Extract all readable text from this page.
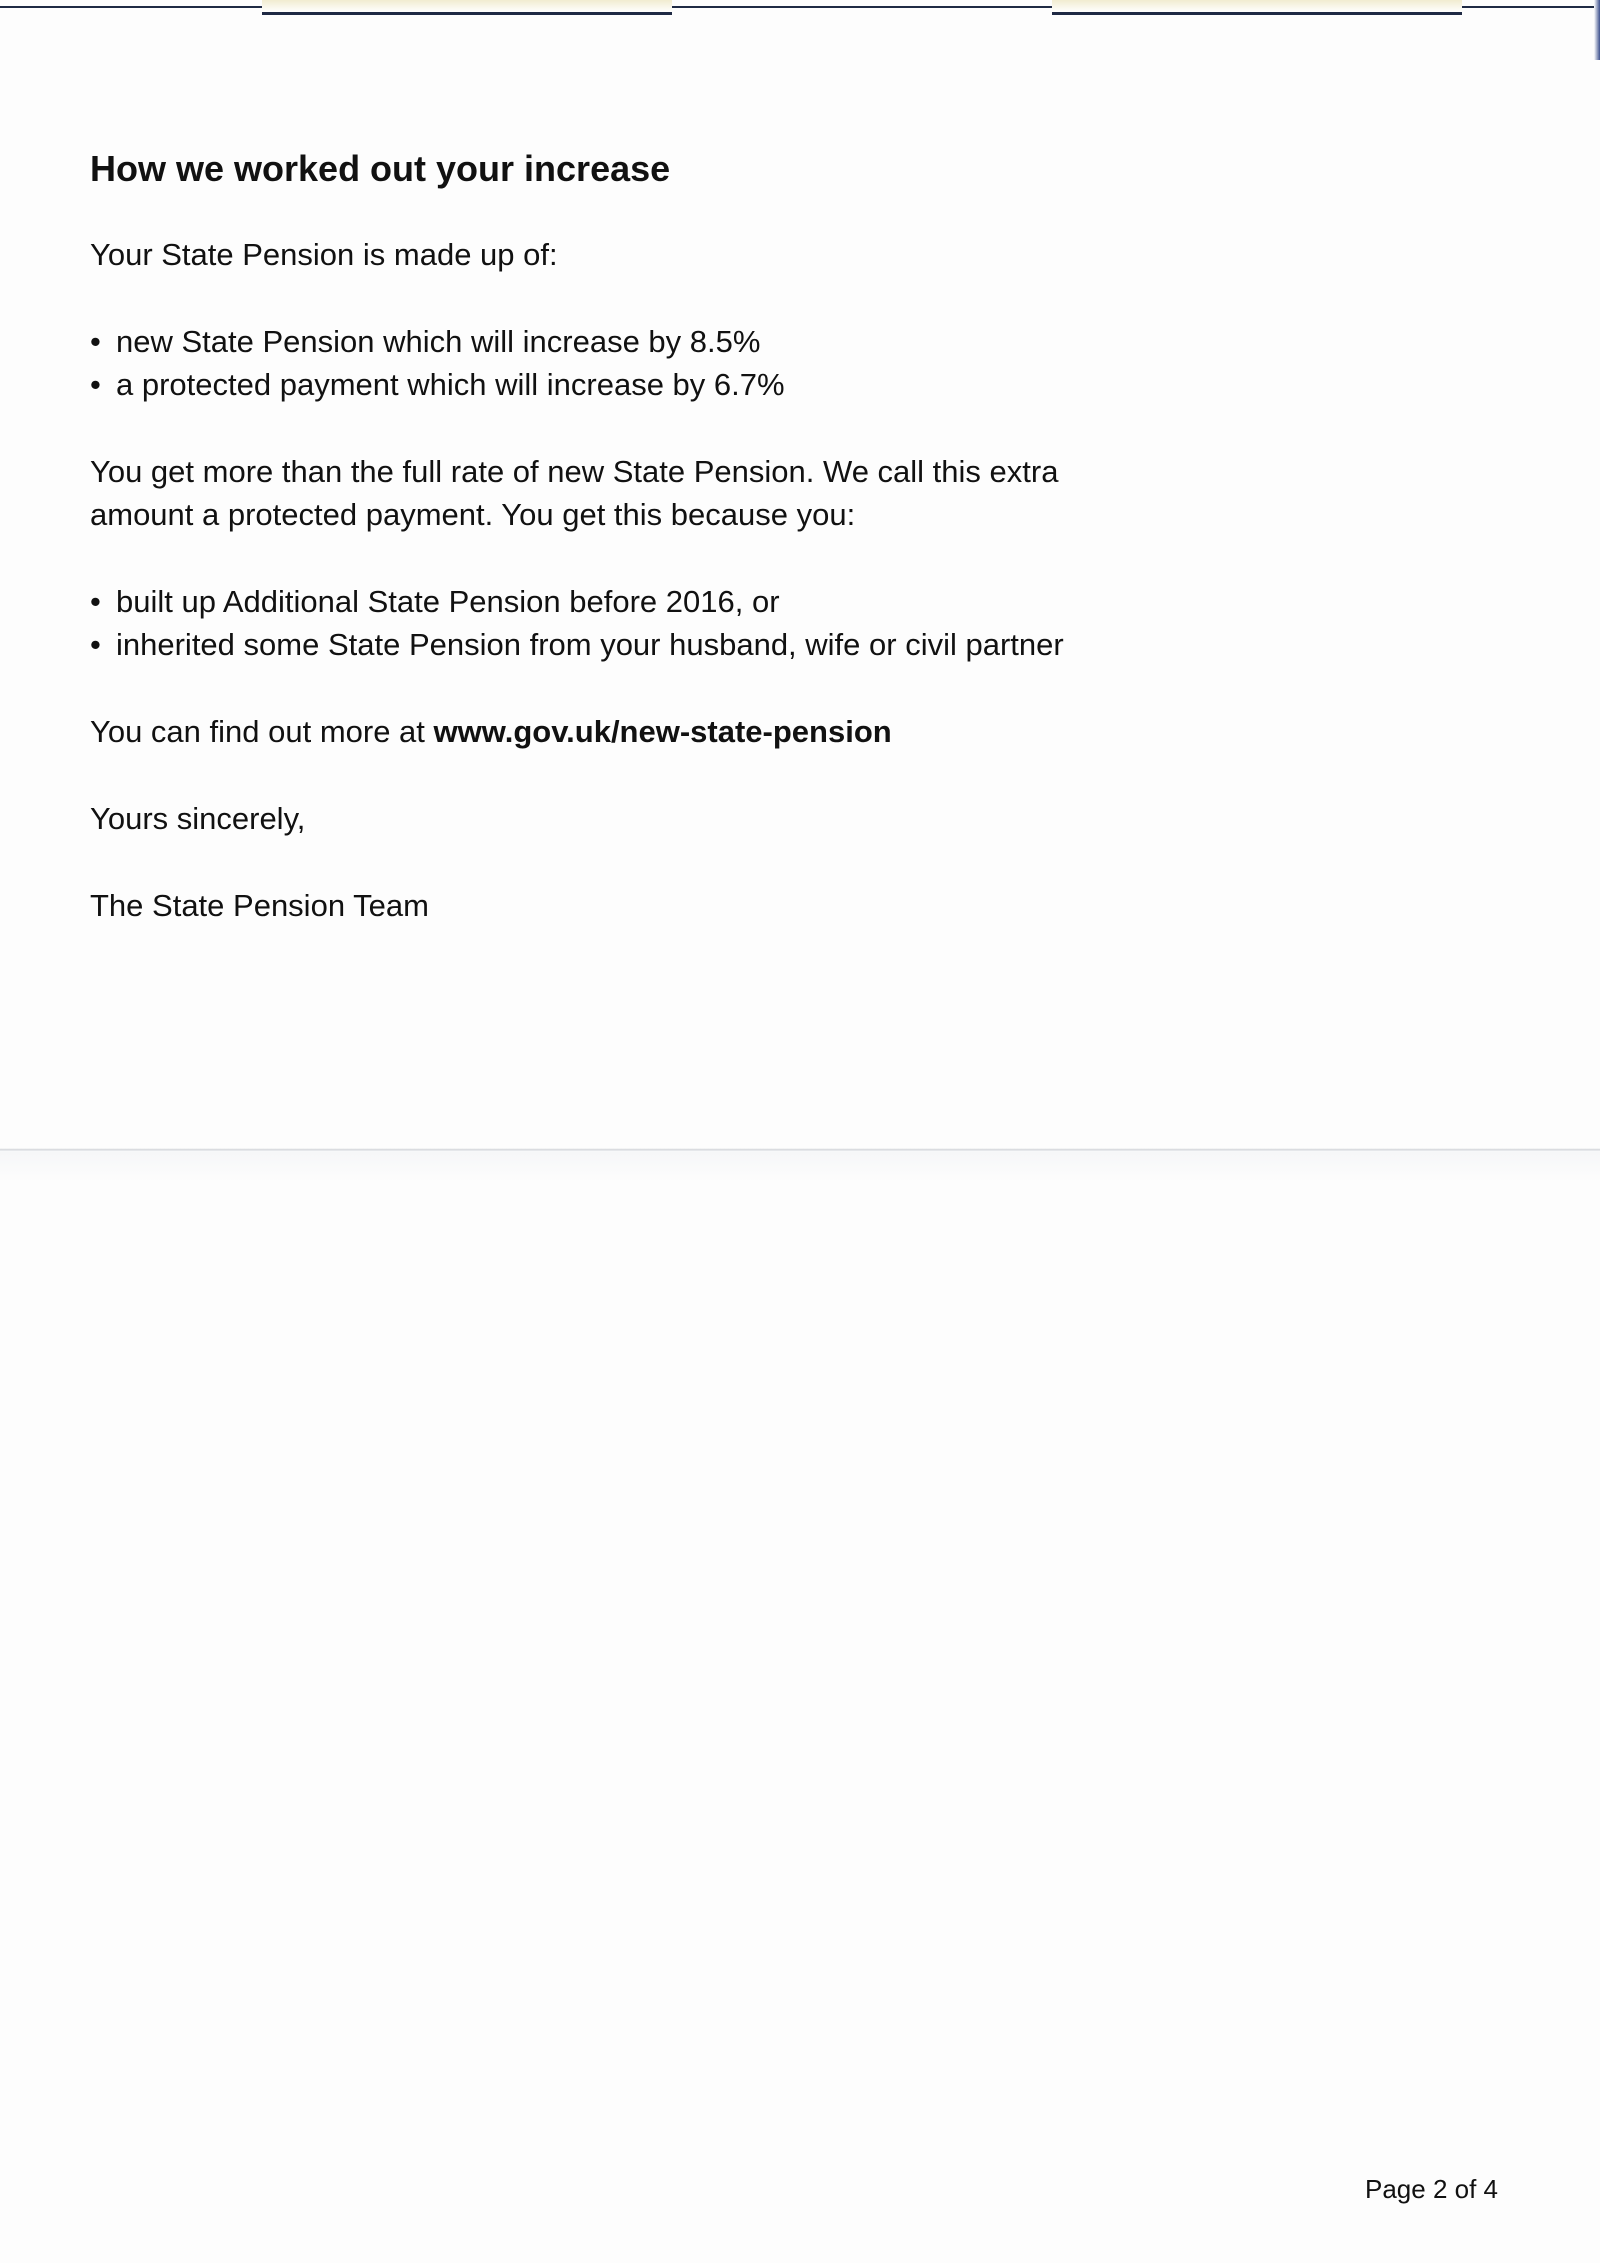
How we worked out your increase

Your State Pension is made up of:

• new State Pension which will increase by 8.5%
• a protected payment which will increase by 6.7%

You get more than the full rate of new State Pension. We call this extra amount a protected payment. You get this because you:

• built up Additional State Pension before 2016, or
• inherited some State Pension from your husband, wife or civil partner

You can find out more at www.gov.uk/new-state-pension

Yours sincerely,

The State Pension Team

Page 2 of 4
